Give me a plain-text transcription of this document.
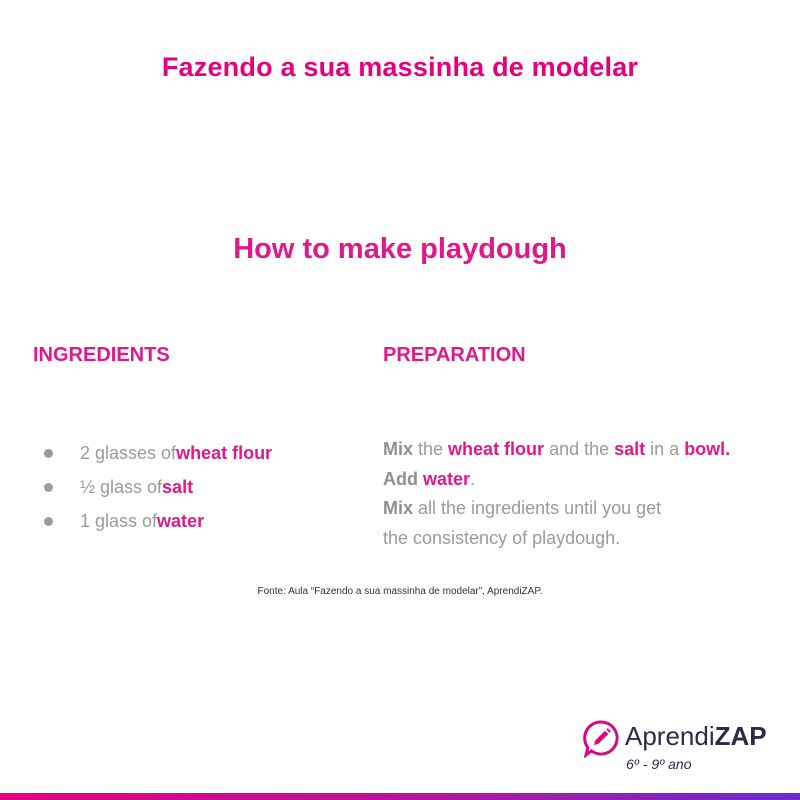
Fazendo a sua massinha de modelar
How to make playdough
INGREDIENTS	PREPARATION
2 glasses of wheat flour
½ glass of salt
1 glass of water
Mix the wheat flour and the salt in a bowl.
Add water.
Mix all the ingredients until you get
the consistency of playdough.
Fonte: Aula “Fazendo a sua massinha de modelar”, AprendiZAP.
AprendiZAP
6º - 9º ano
